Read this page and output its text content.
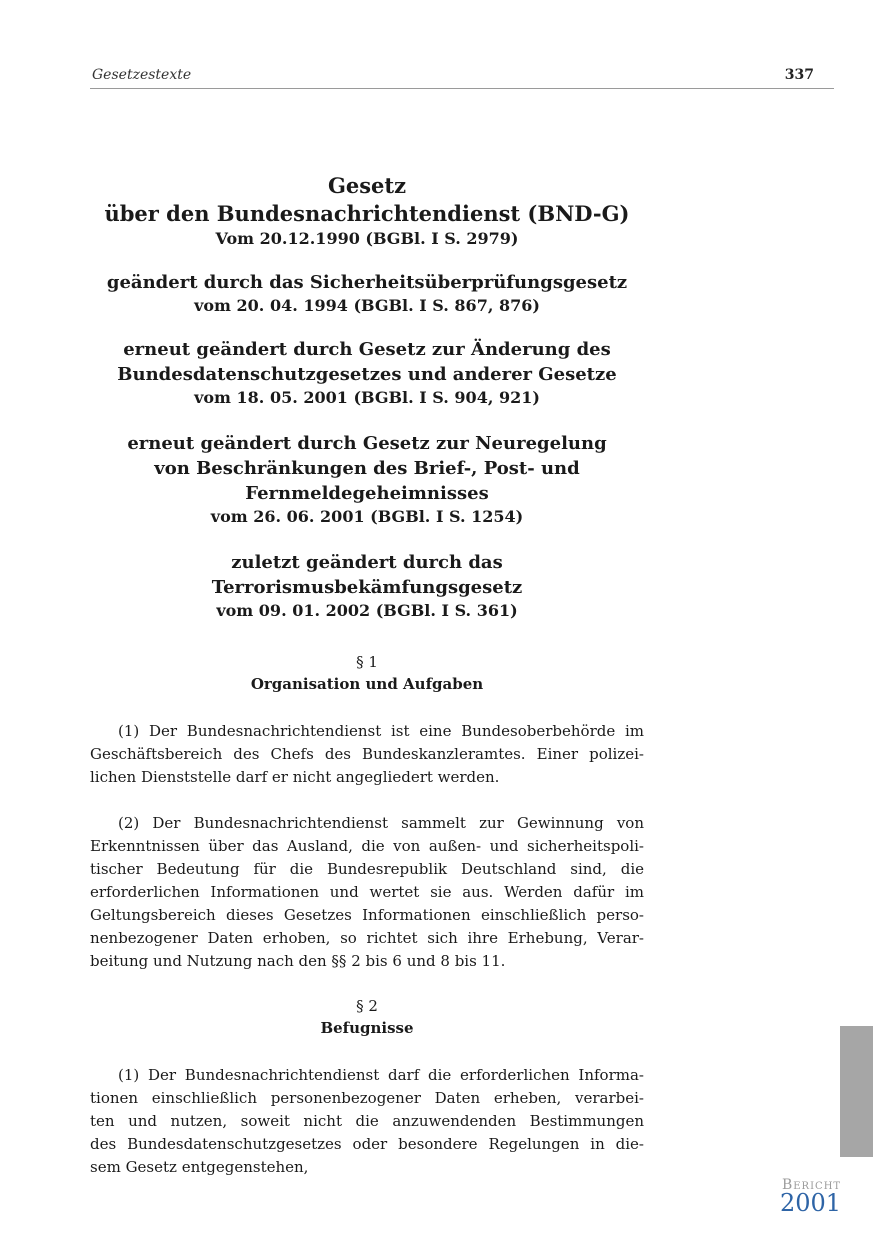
Gesetzestexte	337
Gesetz
über den Bundesnachrichtendienst (BND-G)
Vom 20.12.1990 (BGBl. I S. 2979)
geändert durch das Sicherheitsüberprüfungsgesetz
vom 20. 04. 1994 (BGBl. I S. 867, 876)
erneut geändert durch Gesetz zur Änderung des
Bundesdatenschutzgesetzes und anderer Gesetze
vom 18. 05. 2001 (BGBl. I S. 904, 921)
erneut geändert durch Gesetz zur Neuregelung
von Beschränkungen des Brief-, Post- und
Fernmeldegeheimnisses
vom 26. 06. 2001 (BGBl. I S. 1254)
zuletzt geändert durch das
Terrorismusbekämfungsgesetz
vom 09. 01. 2002 (BGBl. I S. 361)
§ 1
Organisation und Aufgaben
(1) Der Bundesnachrichtendienst ist eine Bundesoberbehörde im
Geschäftsbereich des Chefs des Bundeskanzleramtes. Einer polizei-
lichen Dienststelle darf er nicht angegliedert werden.
(2) Der Bundesnachrichtendienst sammelt zur Gewinnung von
Erkenntnissen über das Ausland, die von außen- und sicherheitspoli-
tischer Bedeutung für die Bundesrepublik Deutschland sind, die
erforderlichen Informationen und wertet sie aus. Werden dafür im
Geltungsbereich dieses Gesetzes Informationen einschließlich perso-
nenbezogener Daten erhoben, so richtet sich ihre Erhebung, Verar-
beitung und Nutzung nach den §§ 2 bis 6 und 8 bis 11.
§ 2
Befugnisse
(1) Der Bundesnachrichtendienst darf die erforderlichen Informa-
tionen einschließlich personenbezogener Daten erheben, verarbei-
ten und nutzen, soweit nicht die anzuwendenden Bestimmungen
des Bundesdatenschutzgesetzes oder besondere Regelungen in die-
sem Gesetz entgegenstehen,
Bericht
2001
